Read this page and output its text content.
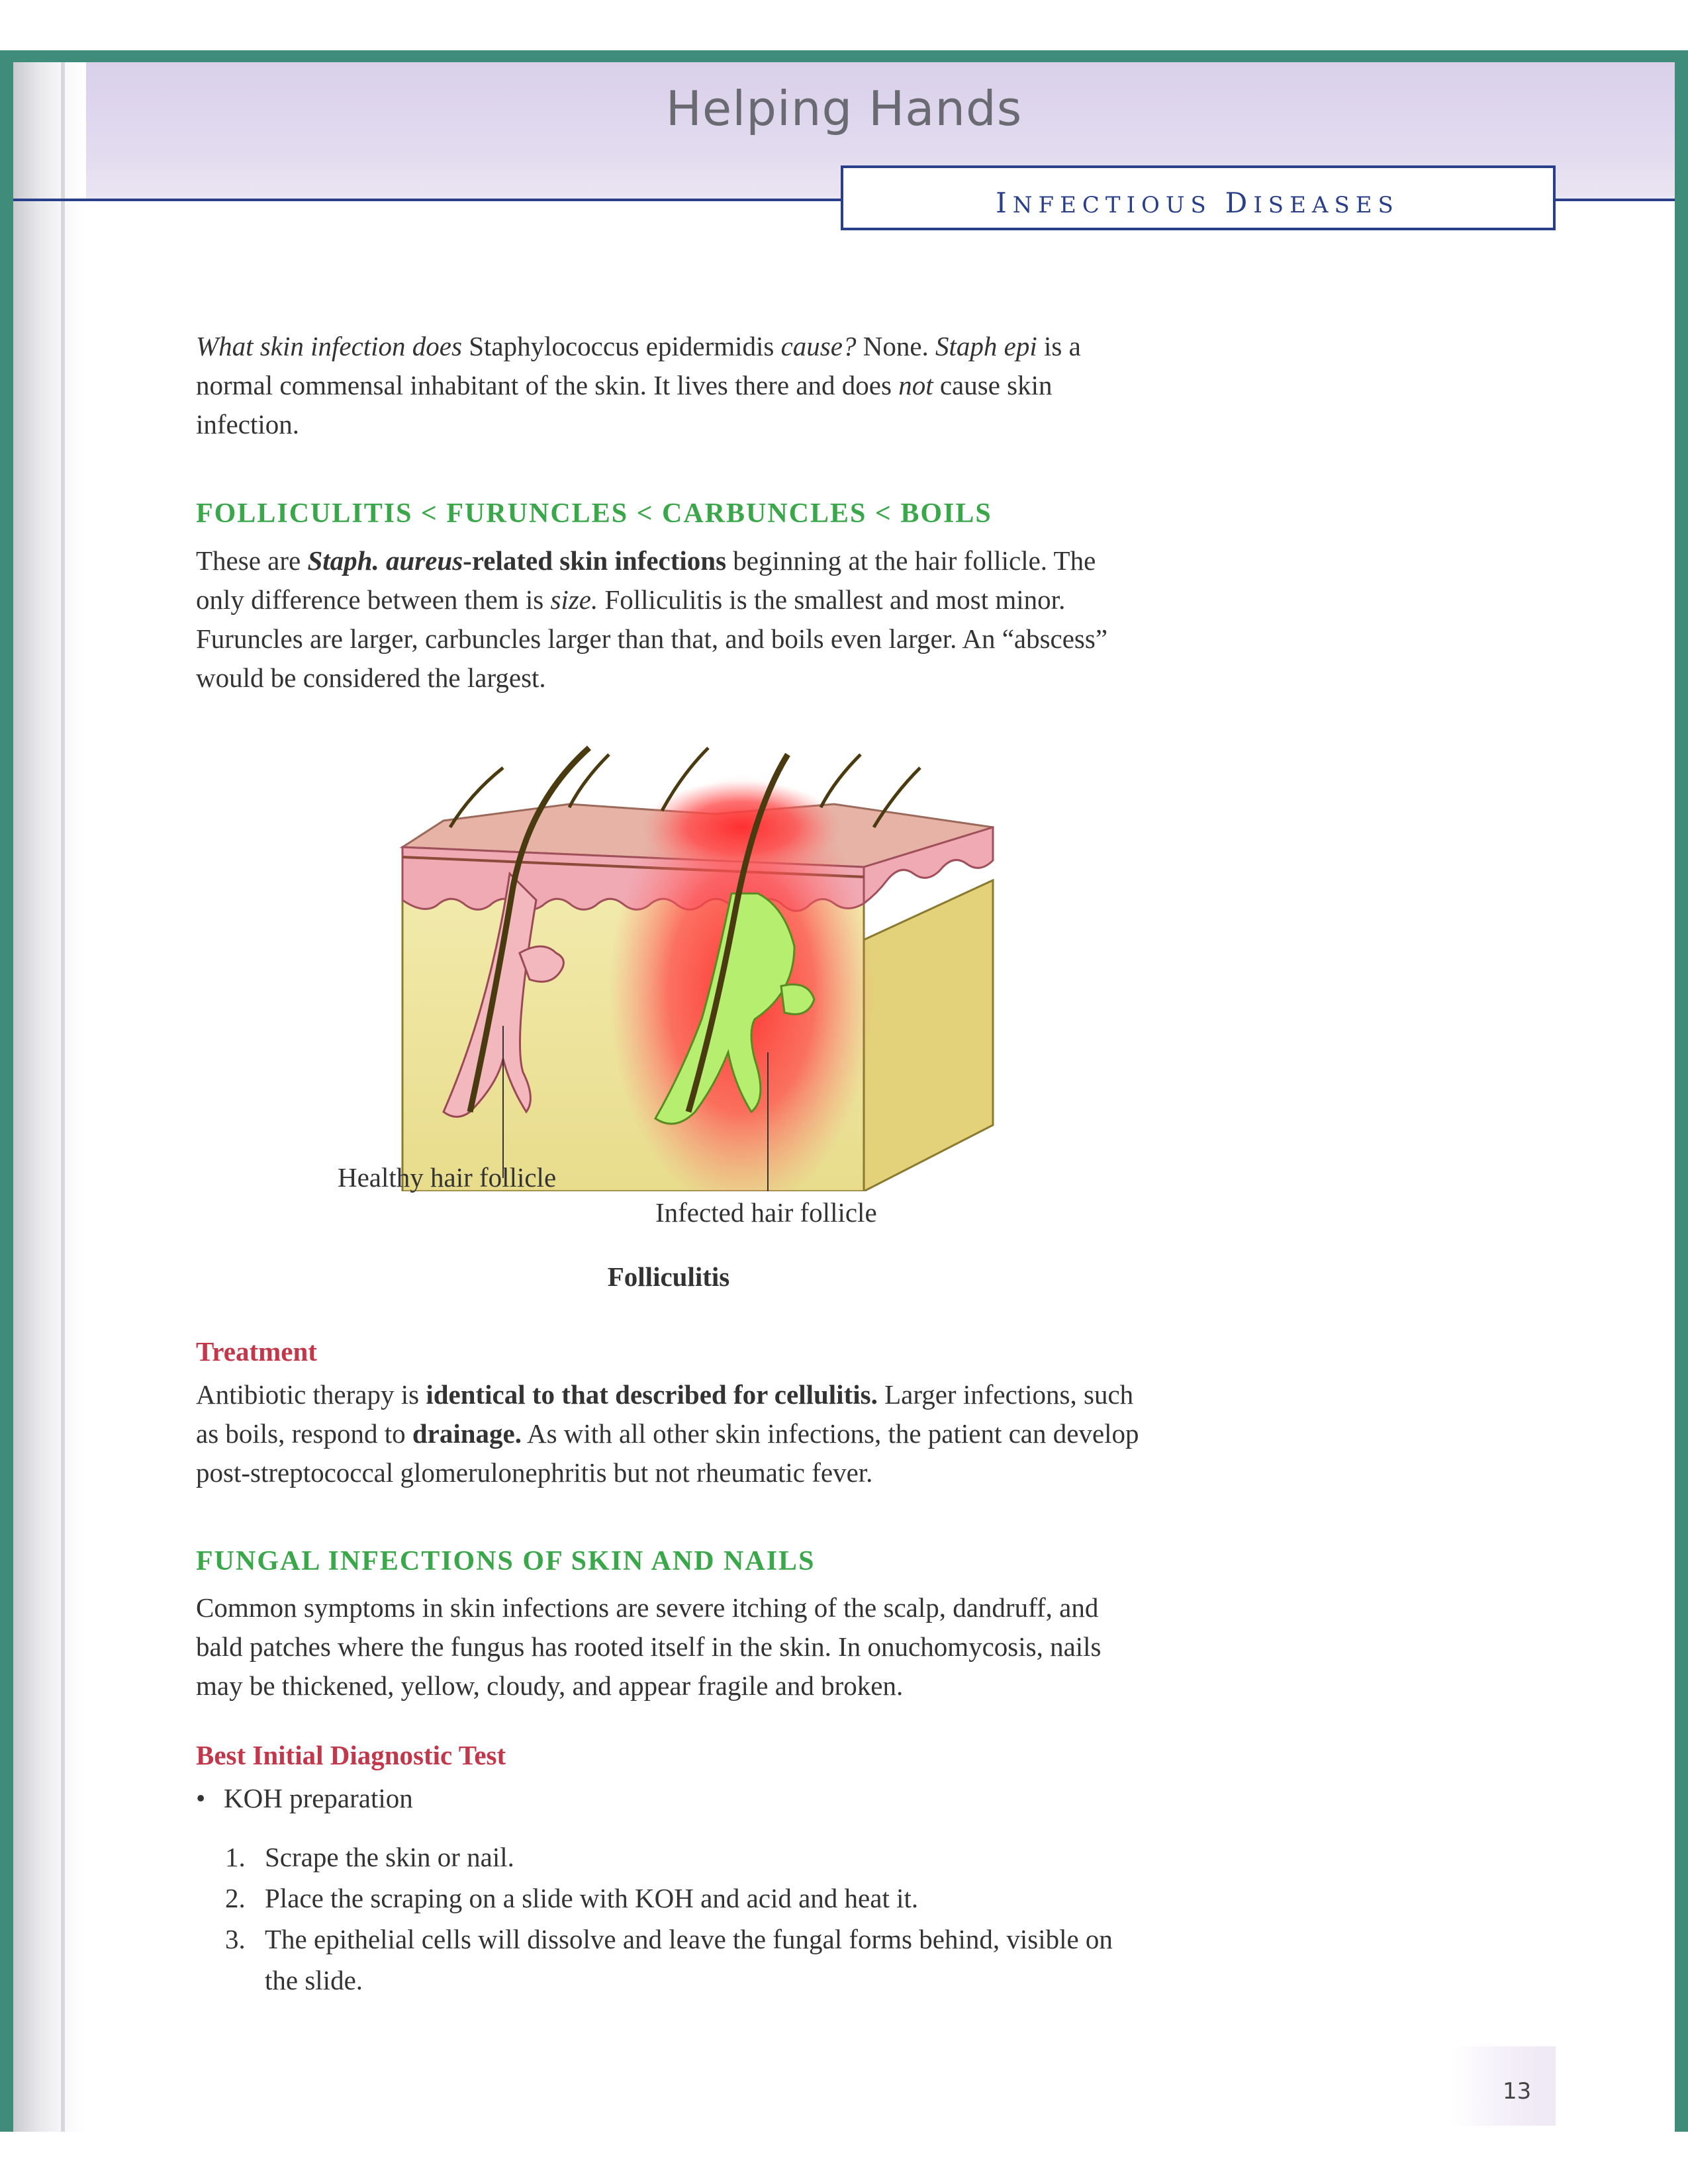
Helping Hands
INFECTIOUS DISEASES

What skin infection does Staphylococcus epidermidis cause? None. Staph epi is a normal commensal inhabitant of the skin. It lives there and does not cause skin infection.

FOLLICULITIS < FURUNCLES < CARBUNCLES < BOILS

These are Staph. aureus-related skin infections beginning at the hair follicle. The only difference between them is size. Folliculitis is the smallest and most minor. Furuncles are larger, carbuncles larger than that, and boils even larger. An “abscess” would be considered the largest.

Healthy hair follicle
Infected hair follicle
Folliculitis
Treatment

Antibiotic therapy is identical to that described for cellulitis. Larger infections, such as boils, respond to drainage. As with all other skin infections, the patient can develop post-streptococcal glomerulonephritis but not rheumatic fever.

FUNGAL INFECTIONS OF SKIN AND NAILS

Common symptoms in skin infections are severe itching of the scalp, dandruff, and bald patches where the fungus has rooted itself in the skin. In onuchomycosis, nails may be thickened, yellow, cloudy, and appear fragile and broken.

Best Initial Diagnostic Test
• KOH preparation
1. Scrape the skin or nail.
2. Place the scraping on a slide with KOH and acid and heat it.
3. The epithelial cells will dissolve and leave the fungal forms behind, visible on the slide.
13
